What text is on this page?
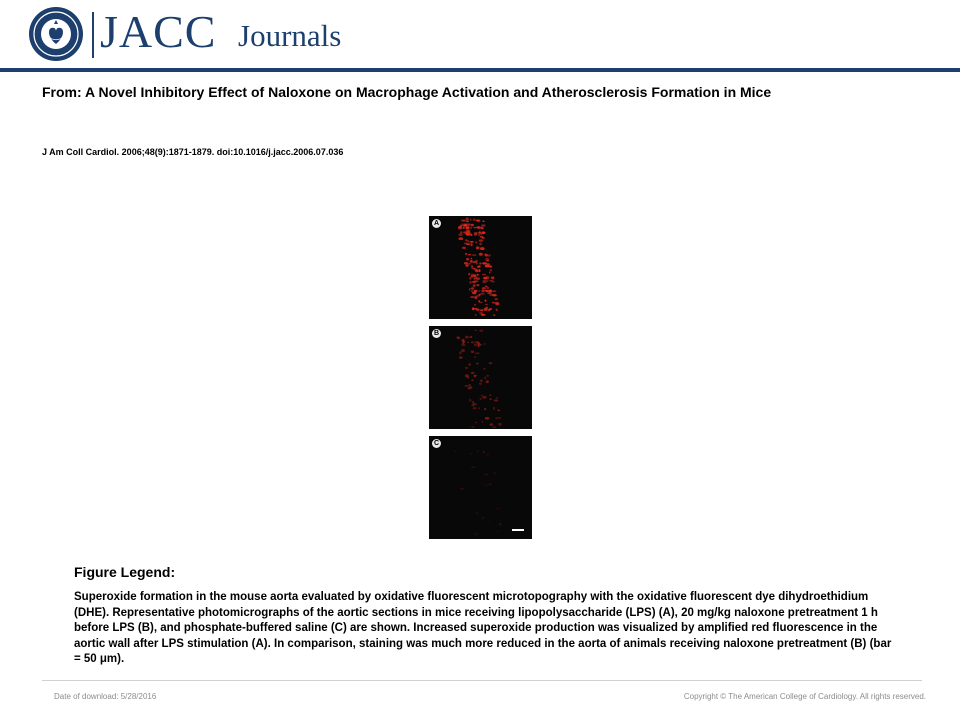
JACC Journals
From: A Novel Inhibitory Effect of Naloxone on Macrophage Activation and Atherosclerosis Formation in Mice
J Am Coll Cardiol. 2006;48(9):1871-1879. doi:10.1016/j.jacc.2006.07.036
A
B
C
Figure Legend:
Superoxide formation in the mouse aorta evaluated by oxidative fluorescent microtopography with the oxidative fluorescent dye dihydroethidium (DHE). Representative photomicrographs of the aortic sections in mice receiving lipopolysaccharide (LPS) (A), 20 mg/kg naloxone pretreatment 1 h before LPS (B), and phosphate-buffered saline (C) are shown. Increased superoxide production was visualized by amplified red fluorescence in the aortic wall after LPS stimulation (A). In comparison, staining was much more reduced in the aorta of animals receiving naloxone pretreatment (B) (bar = 50 μm).
Date of download: 5/28/2016	Copyright © The American College of Cardiology. All rights reserved.
